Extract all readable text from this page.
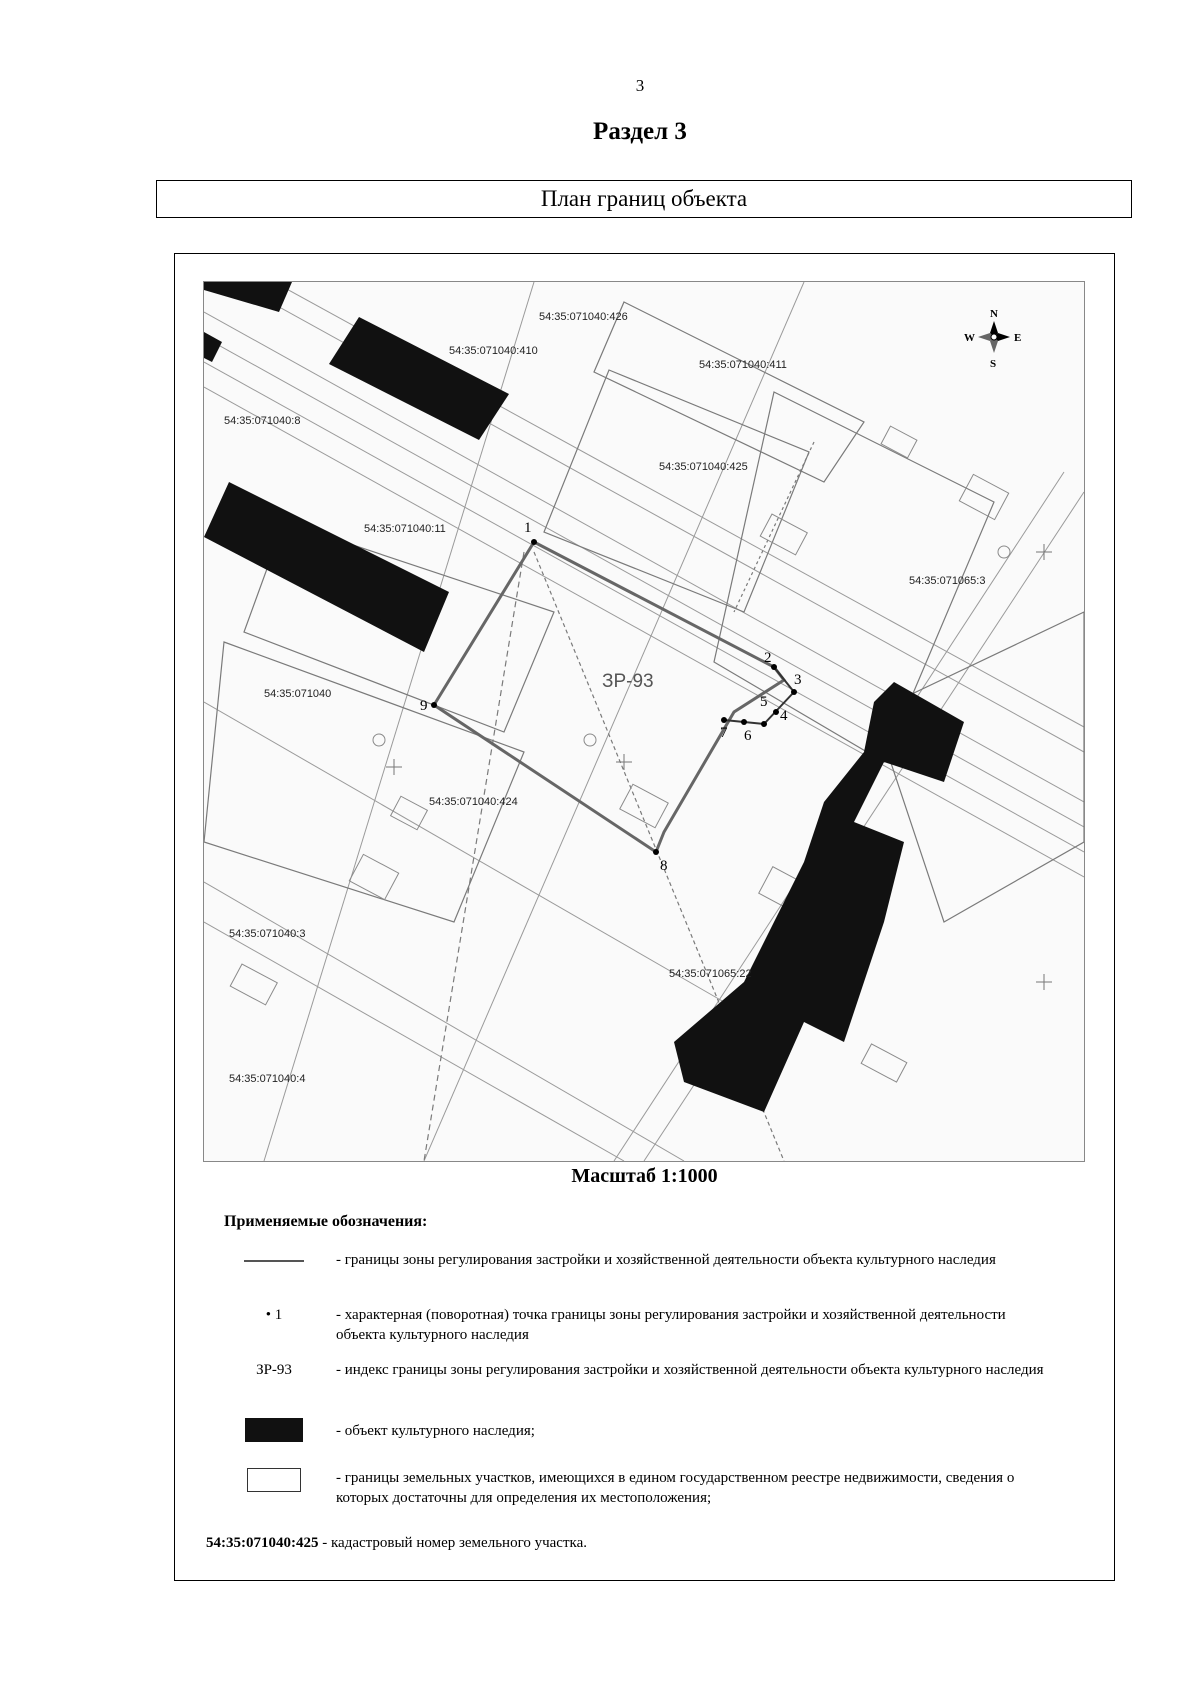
3
Раздел 3
План границ объекта
1
2
3
4
5
6
7
8
9
ЗР-93
54:35:071040:426
54:35:071040:410
54:35:071040:411
54:35:071040:8
54:35:071040:425
54:35:071040:11
54:35:071065:3
54:35:071040
54:35:071040:424
54:35:071040:3
54:35:071065:22
54:35:071040:4
N
S
W	E
Масштаб 1:1000
Применяемые обозначения:
- границы зоны регулирования застройки и хозяйственной деятельности объекта культурного наследия
• 1	- характерная (поворотная) точка границы зоны регулирования застройки и хозяйственной деятельности объекта культурного наследия
ЗР-93	- индекс границы зоны регулирования застройки и хозяйственной деятельности объекта культурного наследия
- объект культурного наследия;
- границы земельных участков, имеющихся в едином государственном реестре недвижимости, сведения о которых достаточны для определения их местоположения;
54:35:071040:425 - кадастровый номер земельного участка.
